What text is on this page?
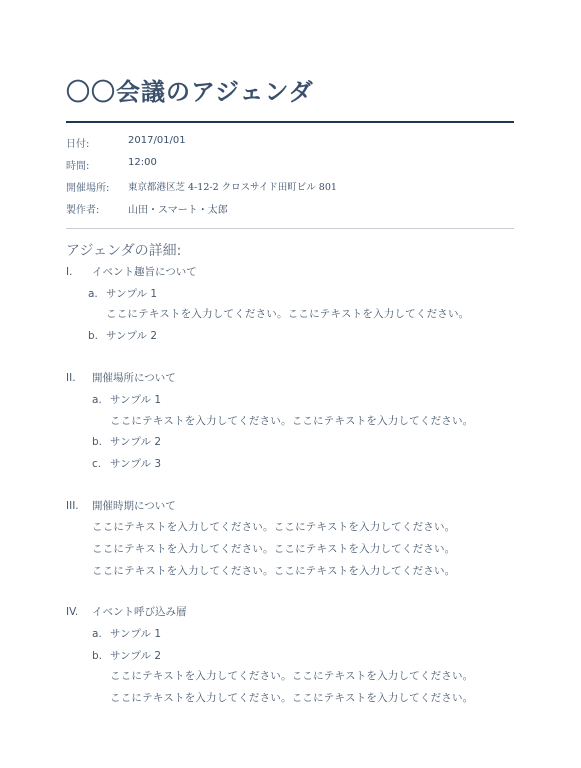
〇〇会議のアジェンダ
日付:	2017/01/01
時間:	12:00
開催場所: 東京都港区芝 4-12-2 クロスサイド田町ビル 801
製作者:	山田・スマート・太郎
アジェンダの詳細:
I. イベント趣旨について
a. サンプル 1
ここにテキストを入力してください。ここにテキストを入力してください。
b. サンプル 2
II. 開催場所について
a. サンプル 1
ここにテキストを入力してください。ここにテキストを入力してください。
b. サンプル 2
c. サンプル 3
III. 開催時期について
ここにテキストを入力してください。ここにテキストを入力してください。
ここにテキストを入力してください。ここにテキストを入力してください。
ここにテキストを入力してください。ここにテキストを入力してください。
IV. イベント呼び込み層
a. サンプル 1
b. サンプル 2
ここにテキストを入力してください。ここにテキストを入力してください。
ここにテキストを入力してください。ここにテキストを入力してください。
